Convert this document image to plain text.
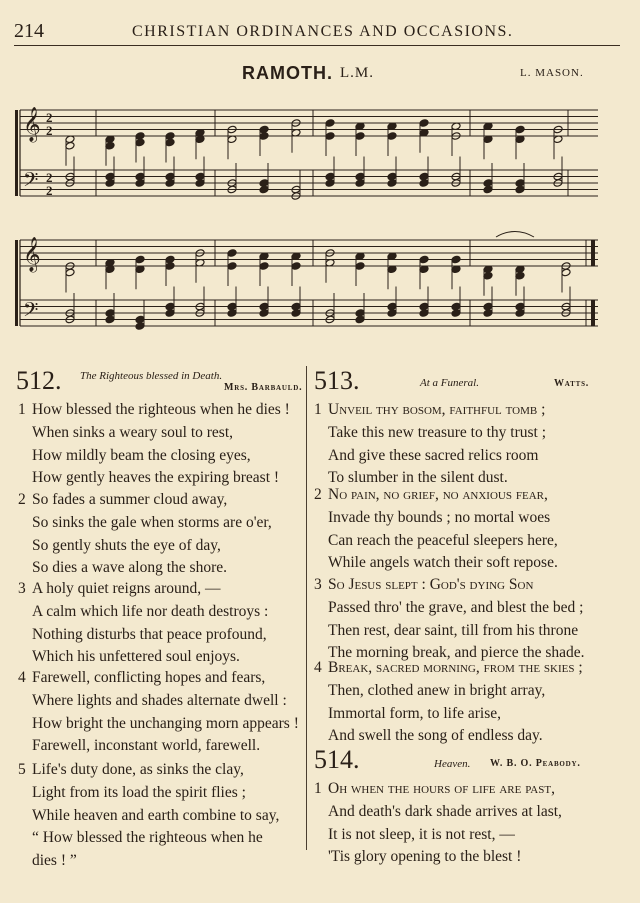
214	CHRISTIAN ORDINANCES AND OCCASIONS.
RAMOTH. L.M.	L. MASON.
𝄞
𝄢
𝄞
𝄢
2
2
2
2
512. The Righteous blessed in Death.
Mrs. Barbauld. 513.	At a Funeral.	Watts.
514.	Heaven. W. B. O. Peabody.
1 How blessed the righteous when he dies !
When sinks a weary soul to rest,
How mildly beam the closing eyes,
How gently heaves the expiring breast !
2 So fades a summer cloud away,
So sinks the gale when storms are o'er,
So gently shuts the eye of day,
So dies a wave along the shore.
3 A holy quiet reigns around, —
A calm which life nor death destroys :
Nothing disturbs that peace profound,
Which his unfettered soul enjoys.
4 Farewell, conflicting hopes and fears,
Where lights and shades alternate dwell :
How bright the unchanging morn appears !
Farewell, inconstant world, farewell.
5 Life's duty done, as sinks the clay,
Light from its load the spirit flies ;
While heaven and earth combine to say,
“ How blessed the righteous when he
dies ! ”
1 Unveil thy bosom, faithful tomb ;
Take this new treasure to thy trust ;
And give these sacred relics room
To slumber in the silent dust.
2 No pain, no grief, no anxious fear,
Invade thy bounds ; no mortal woes
Can reach the peaceful sleepers here,
While angels watch their soft repose.
3 So Jesus slept : God's dying Son
Passed thro' the grave, and blest the bed ;
Then rest, dear saint, till from his throne
The morning break, and pierce the shade.
4 Break, sacred morning, from the skies ;
Then, clothed anew in bright array,
Immortal form, to life arise,
And swell the song of endless day.
1 Oh when the hours of life are past,
And death's dark shade arrives at last,
It is not sleep, it is not rest, —
'Tis glory opening to the blest !
